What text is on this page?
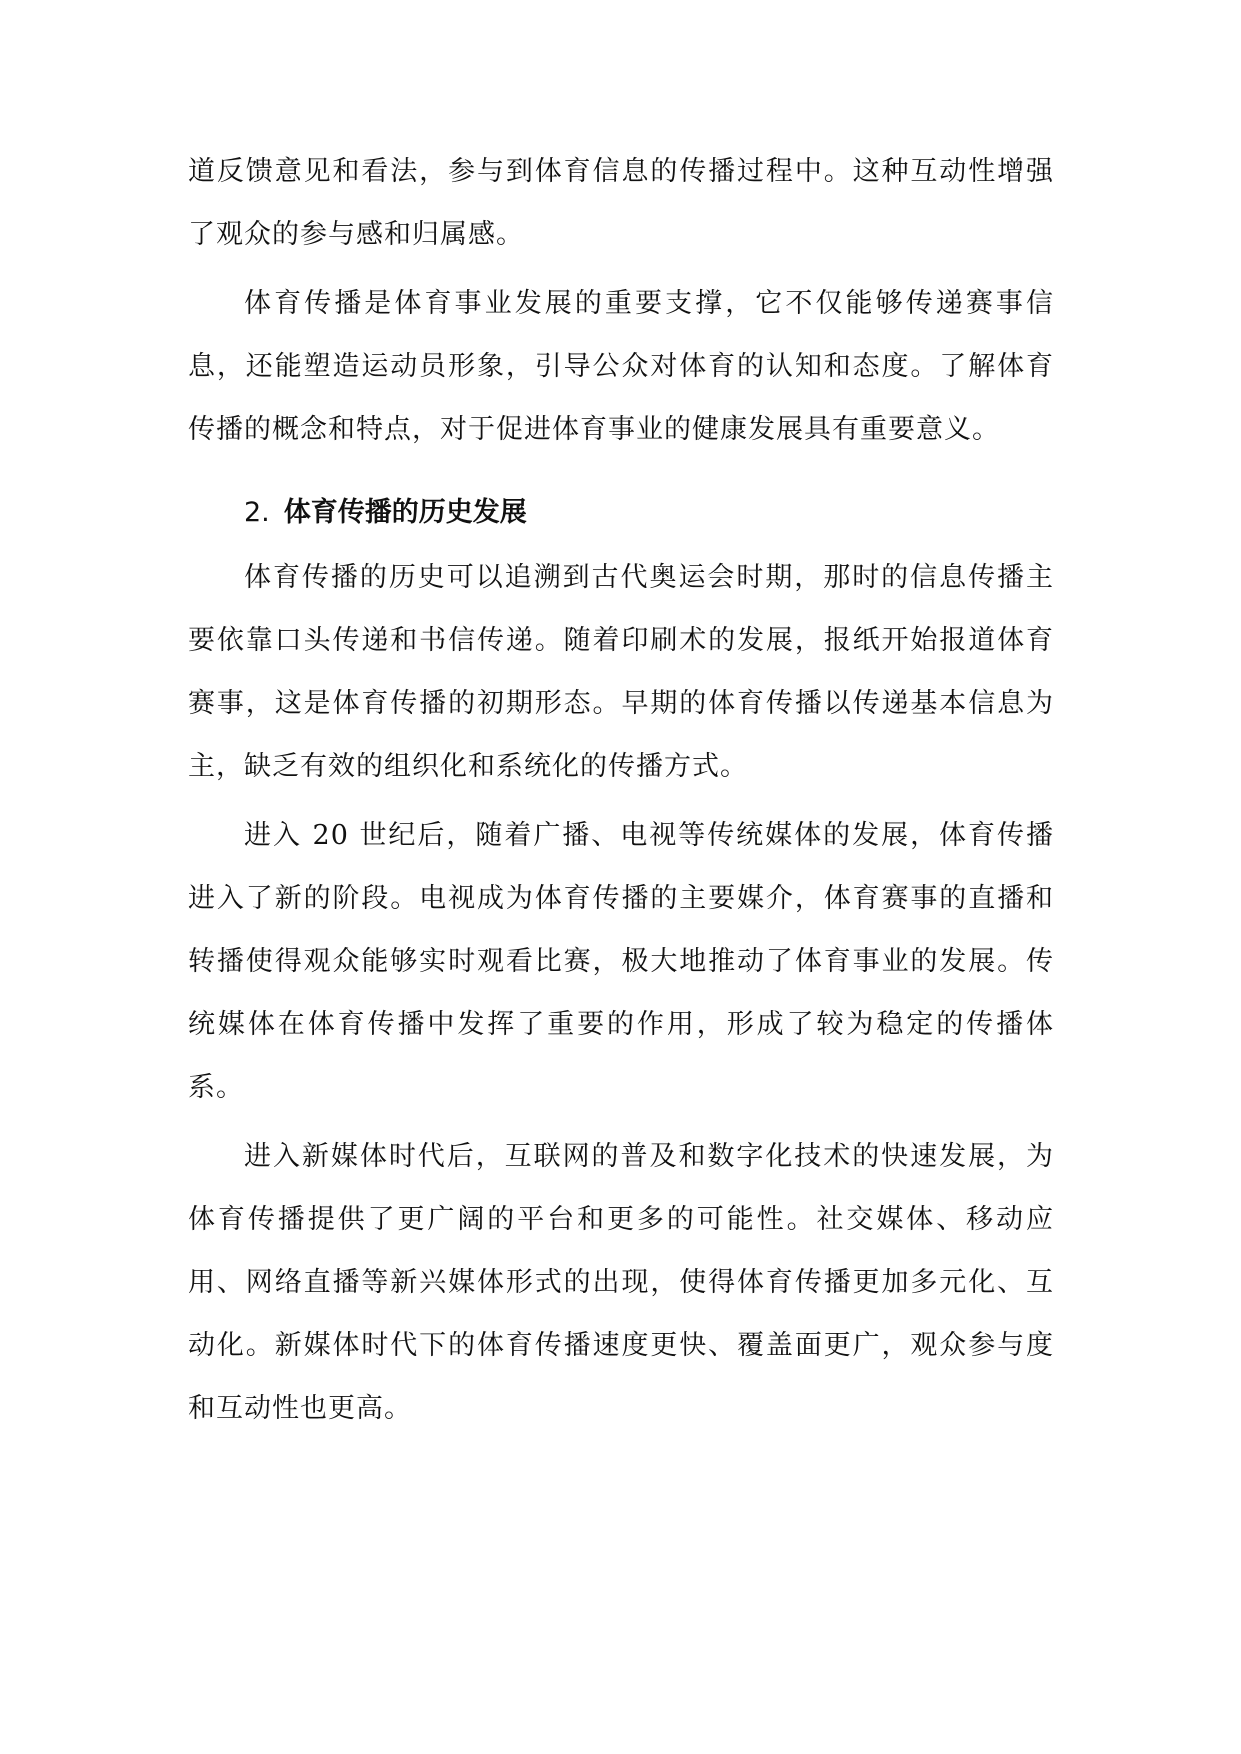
道反馈意见和看法，参与到体育信息的传播过程中。这种互动性增强了观众的参与感和归属感。

体育传播是体育事业发展的重要支撑，它不仅能够传递赛事信息，还能塑造运动员形象，引导公众对体育的认知和态度。了解体育传播的概念和特点，对于促进体育事业的健康发展具有重要意义。

2. 体育传播的历史发展

体育传播的历史可以追溯到古代奥运会时期，那时的信息传播主要依靠口头传递和书信传递。随着印刷术的发展，报纸开始报道体育赛事，这是体育传播的初期形态。早期的体育传播以传递基本信息为主，缺乏有效的组织化和系统化的传播方式。

进入 20 世纪后，随着广播、电视等传统媒体的发展，体育传播进入了新的阶段。电视成为体育传播的主要媒介，体育赛事的直播和转播使得观众能够实时观看比赛，极大地推动了体育事业的发展。传统媒体在体育传播中发挥了重要的作用，形成了较为稳定的传播体系。

进入新媒体时代后，互联网的普及和数字化技术的快速发展，为体育传播提供了更广阔的平台和更多的可能性。社交媒体、移动应用、网络直播等新兴媒体形式的出现，使得体育传播更加多元化、互动化。新媒体时代下的体育传播速度更快、覆盖面更广，观众参与度和互动性也更高。
